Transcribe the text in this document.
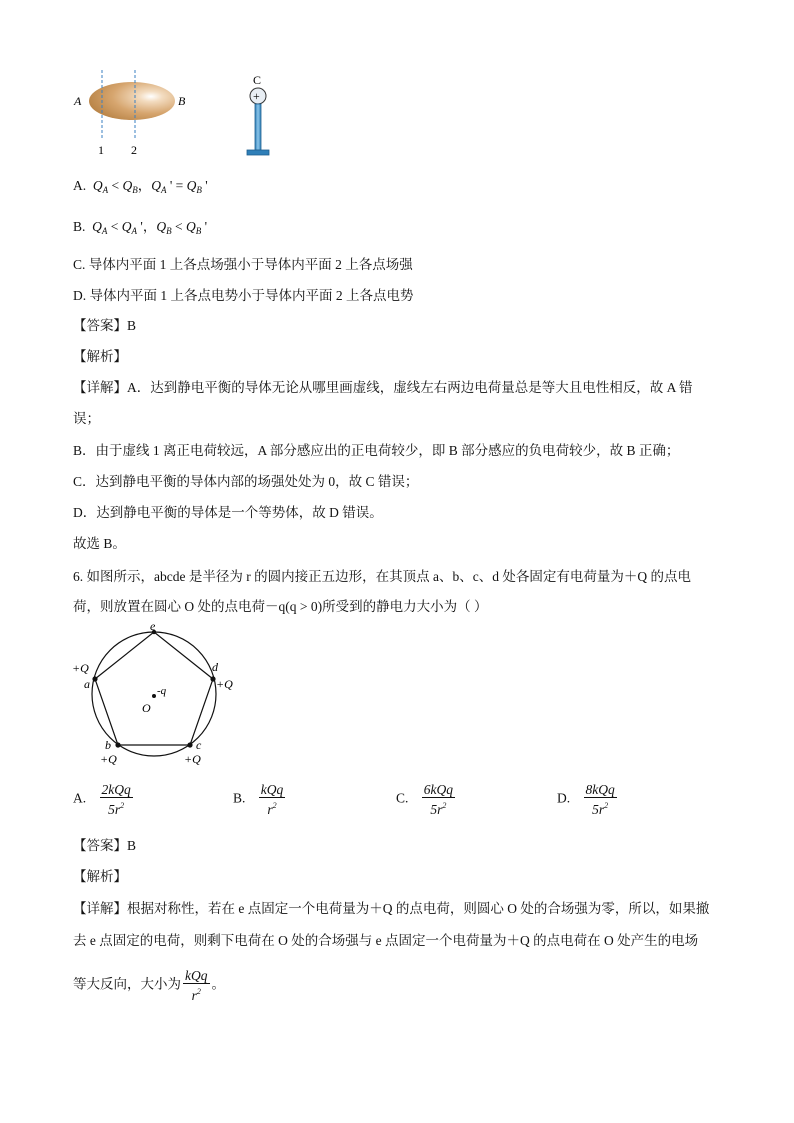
A	B
1 2
C
+
A. $Q_A < Q_B$，$Q_A$ ' = $Q_B$ '
B. $Q_A < Q_A$ '，$Q_B < Q_B$ '
C. 导体内平面 1 上各点场强小于导体内平面 2 上各点场强
D. 导体内平面 1 上各点电势小于导体内平面 2 上各点电势
【答案】B
【解析】
【详解】A．达到静电平衡的导体无论从哪里画虚线，虚线左右两边电荷量总是等大且电性相反，故 A 错
误；
B．由于虚线 1 离正电荷较远，A 部分感应出的正电荷较少，即 B 部分感应的负电荷较少，故 B 正确；
C．达到静电平衡的导体内部的场强处处为 0，故 C 错误；
D．达到静电平衡的导体是一个等势体，故 D 错误。
故选 B。
6. 如图所示，abcde 是半径为 r 的圆内接正五边形，在其顶点 a、b、c、d 处各固定有电荷量为＋Q 的点电
荷，则放置在圆心 O 处的点电荷－q(q > 0)所受到的静电力大小为（ ）
e
d
+Q
+Q
a
b
+Q
c
+Q
-q
O
A. $\frac{\text{2kQq}}{5r^2}$	B. $\frac{\text{kQq}}{r^2}$	C. $\frac{\text{6kQq}}{5r^2}$	D. $\frac{\text{8kQq}}{5r^2}$
【答案】B
【解析】
【详解】根据对称性，若在 e 点固定一个电荷量为＋Q 的点电荷，则圆心 O 处的合场强为零，所以，如果撤
去 e 点固定的电荷，则剩下电荷在 O 处的合场强与 e 点固定一个电荷量为＋Q 的点电荷在 O 处产生的电场
等大反向，大小为 $\frac{\text{kQq}}{r^2}$ 。
